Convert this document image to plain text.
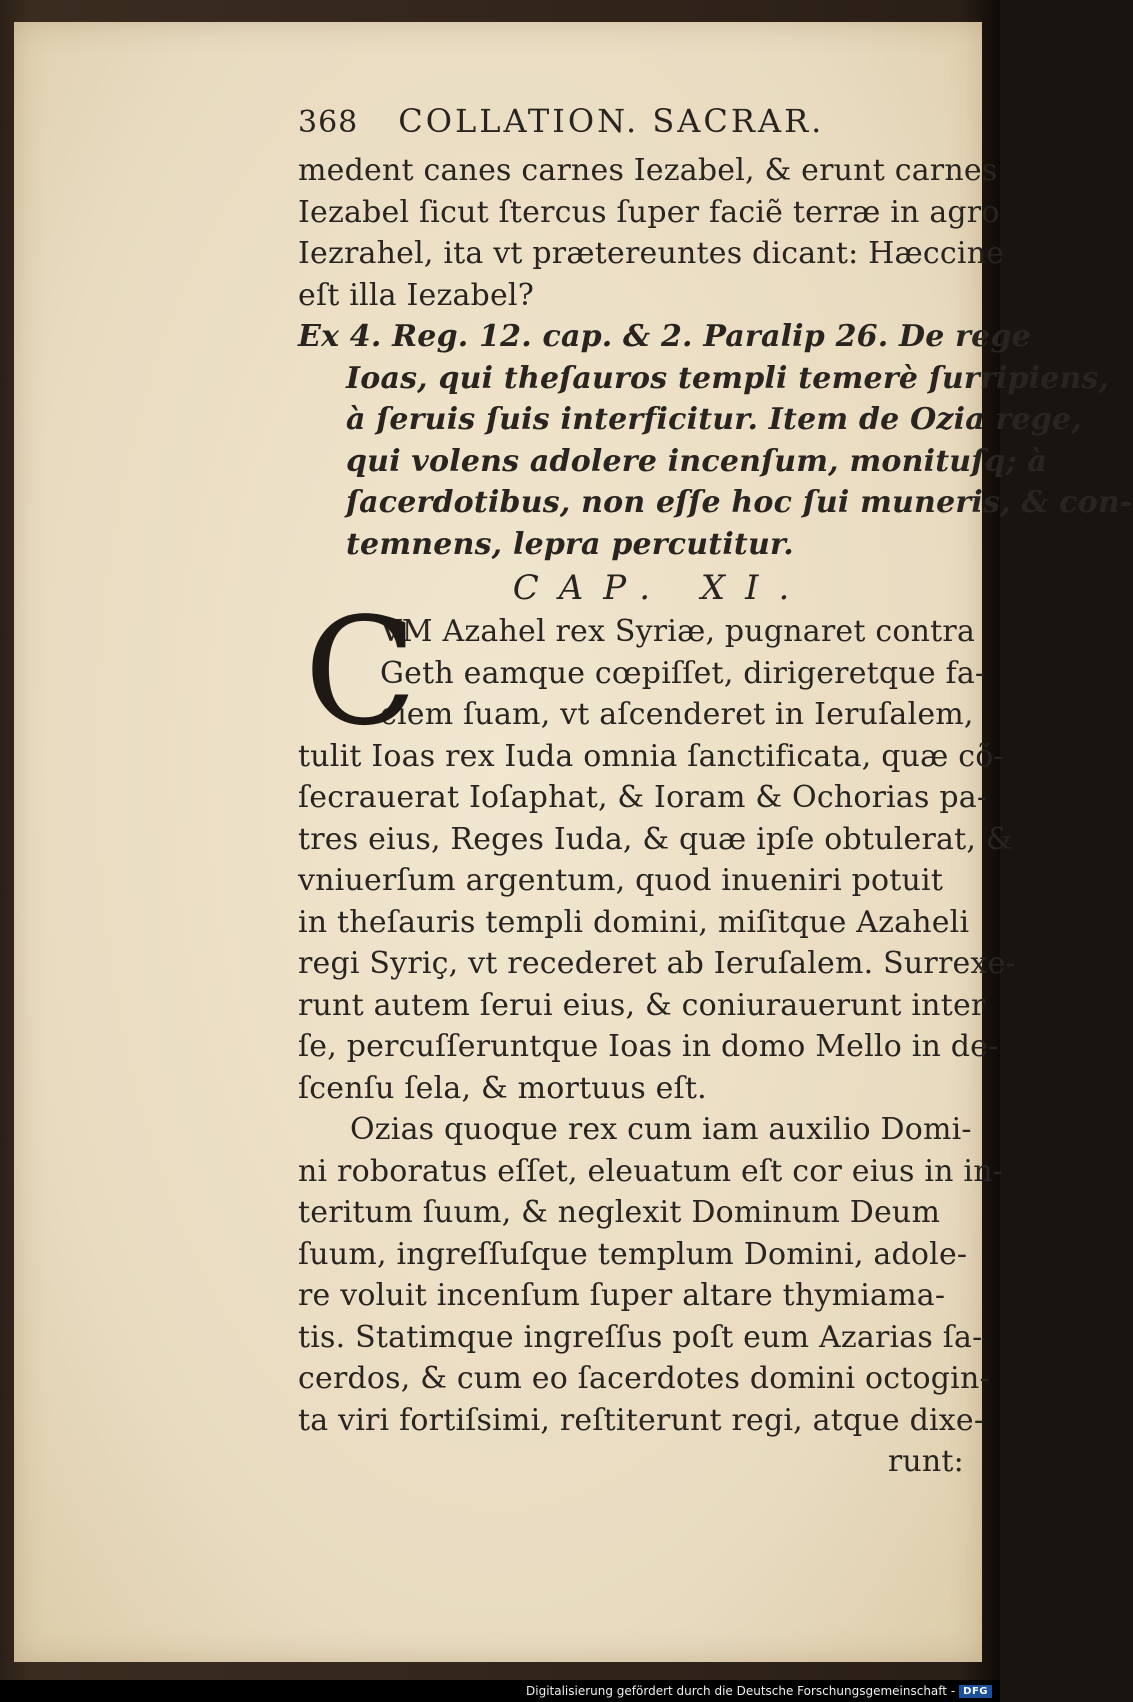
368 COLLATION. SACRAR.
medent canes carnes Iezabel, & erunt carnes
Iezabel ſicut ſtercus ſuper faciẽ terræ in agro
Iezrahel, ita vt prætereuntes dicant: Hæccine
eſt illa Iezabel?
Ex 4. Reg. 12. cap. & 2. Paralip 26. De rege
Ioas, qui theſauros templi temerè ſurripiens,
à ſeruis ſuis interficitur. Item de Ozia rege,
qui volens adolere incenſum, monituſq; à
ſacerdotibus, non eſſe hoc ſui muneris, & con-
temnens, lepra percutitur.
CAP. XI.
C
VM Azahel rex Syriæ, pugnaret contra
Geth eamque cœpiſſet, dirigeretque fa-
ciem ſuam, vt aſcenderet in Ieruſalem,
tulit Ioas rex Iuda omnia ſanctificata, quæ cõ-
ſecrauerat Ioſaphat, & Ioram & Ochorias pa-
tres eius, Reges Iuda, & quæ ipſe obtulerat, &
vniuerſum argentum, quod inueniri potuit
in theſauris templi domini, miſitque Azaheli
regi Syriç, vt recederet ab Ieruſalem. Surrexe-
runt autem ſerui eius, & coniurauerunt inter
ſe, percuſſeruntque Ioas in domo Mello in de-
ſcenſu ſela, & mortuus eſt.
Ozias quoque rex cum iam auxilio Domi-
ni roboratus eſſet, eleuatum eſt cor eius in in-
teritum ſuum, & neglexit Dominum Deum
ſuum, ingreſſuſque templum Domini, adole-
re voluit incenſum ſuper altare thymiama-
tis. Statimque ingreſſus poſt eum Azarias ſa-
cerdos, & cum eo ſacerdotes domini octogin-
ta viri fortiſsimi, reſtiterunt regi, atque dixe-
runt:
Digitalisierung gefördert durch die Deutsche Forschungsgemeinschaft - DFG
